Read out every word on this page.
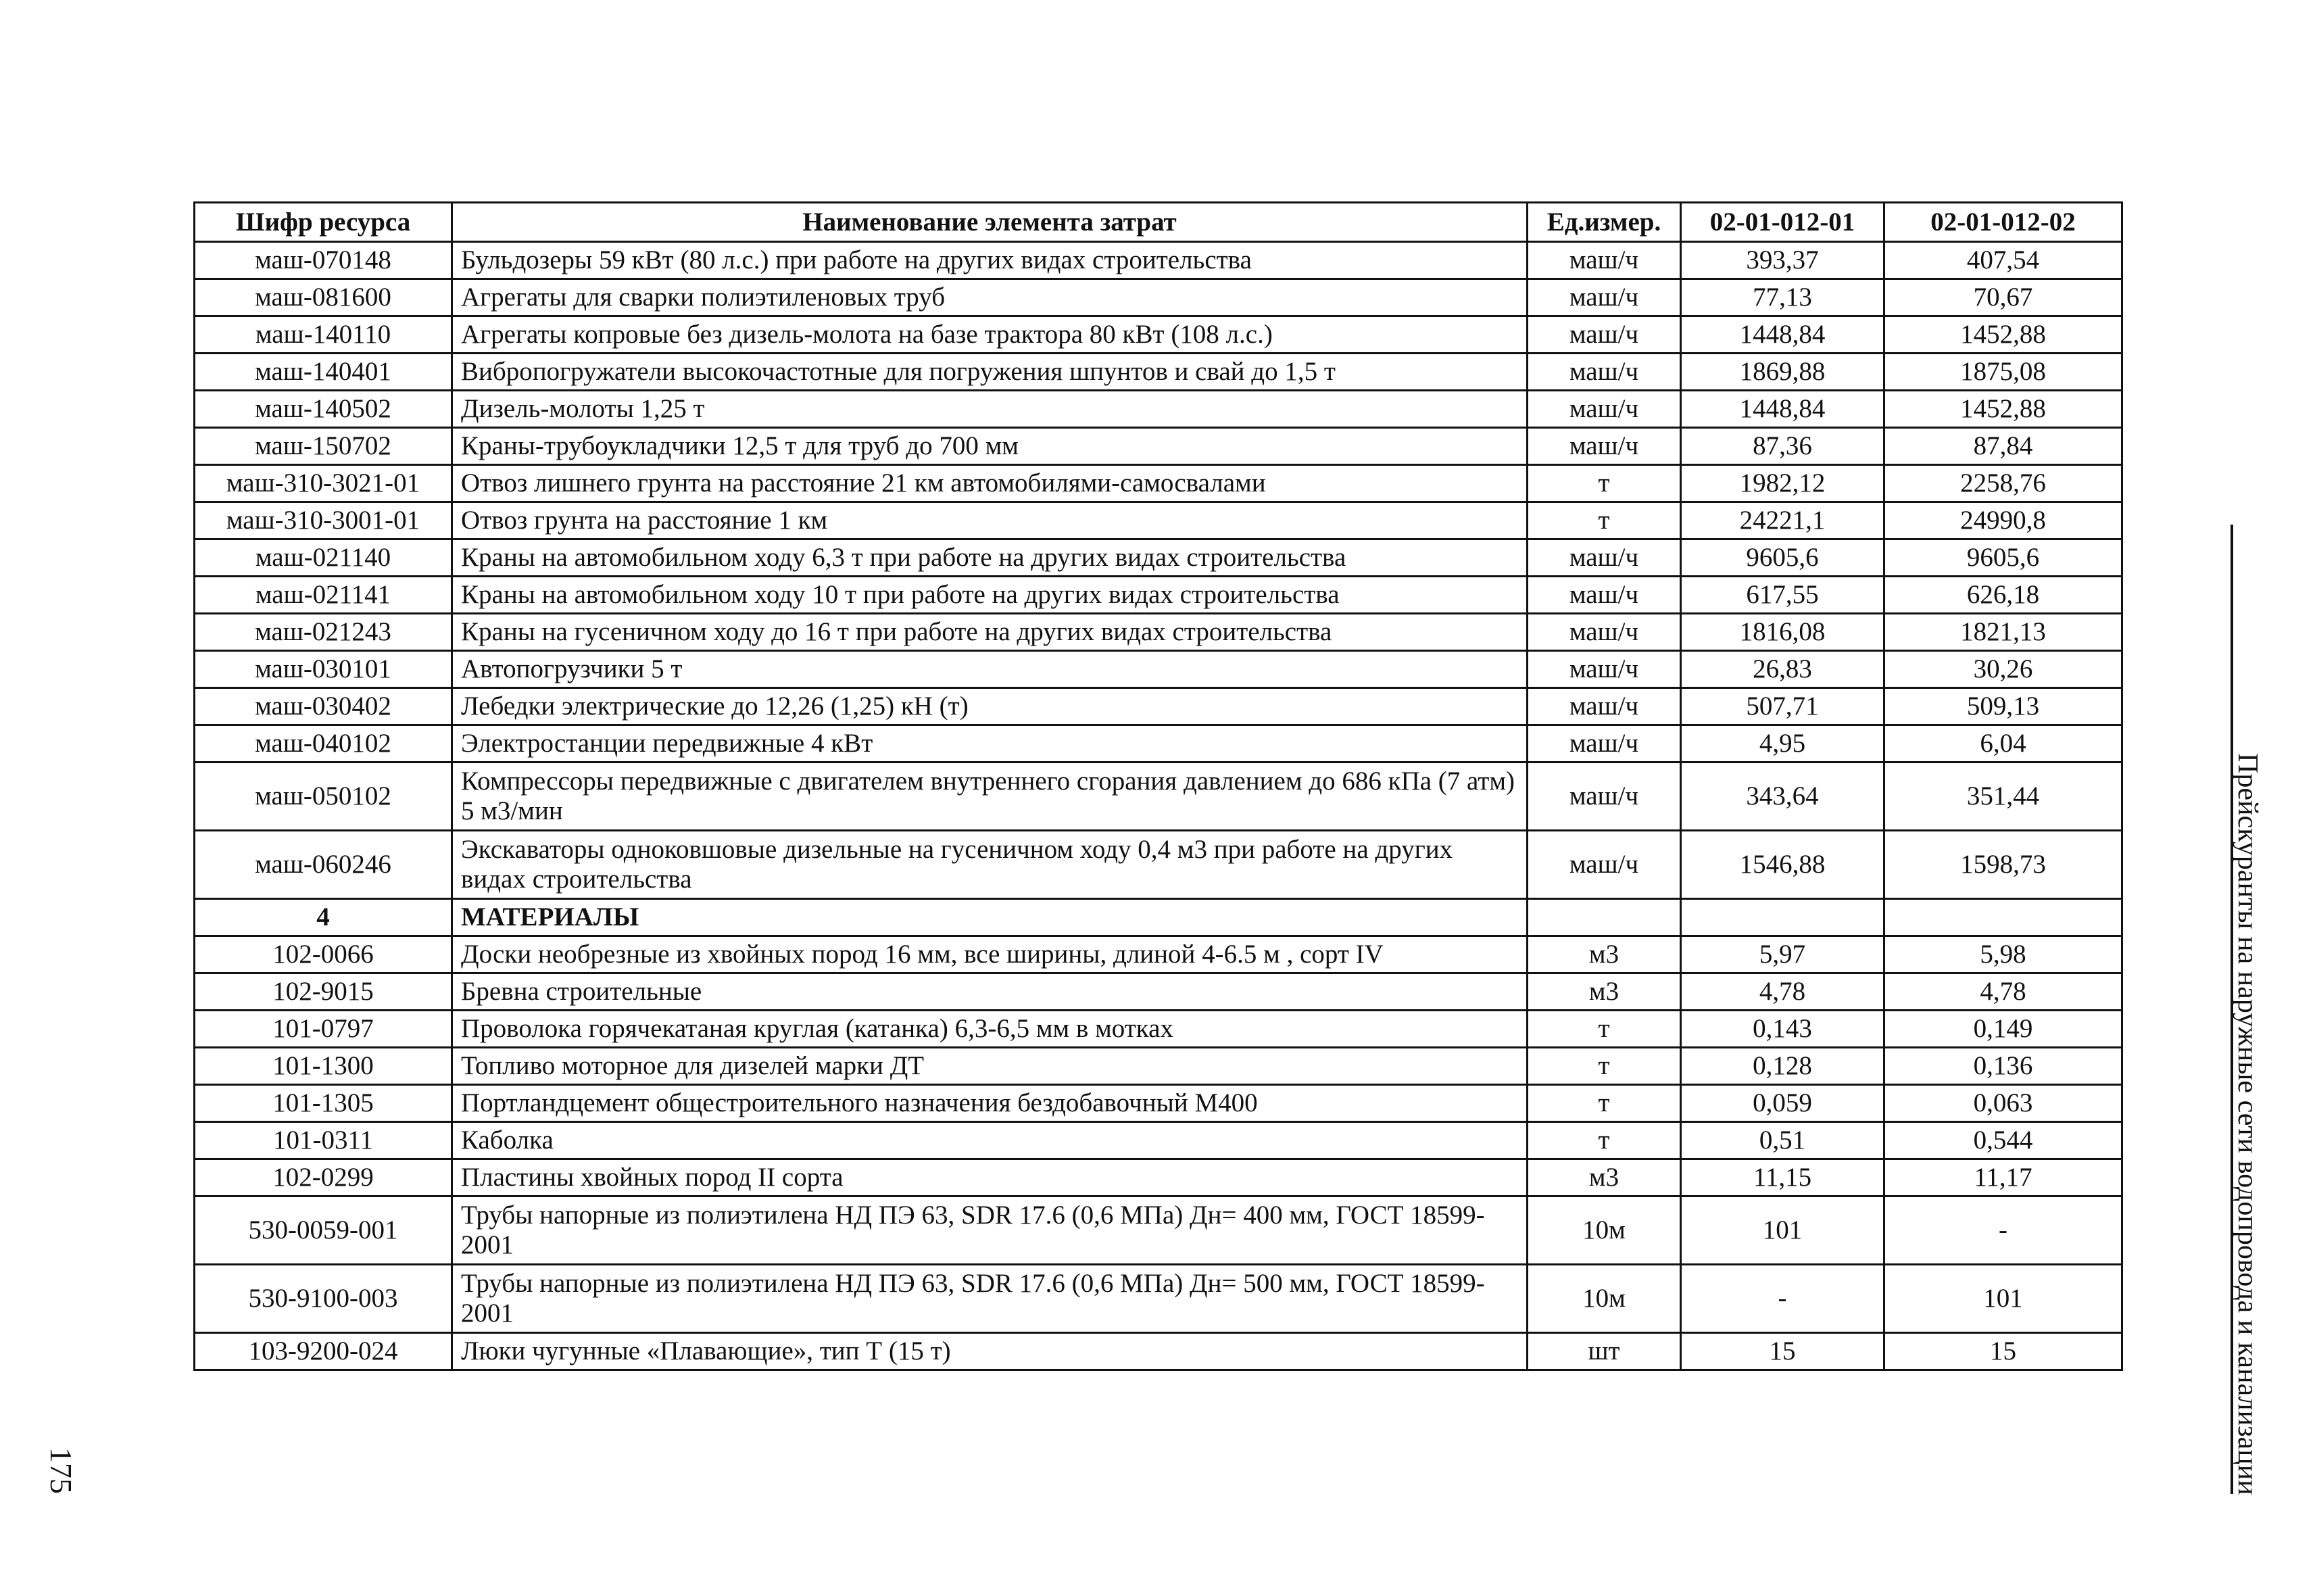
Шифр ресурса	Наименование элемента затрат	Ед.измер.	02-01-012-01	02-01-012-02
маш-070148	Бульдозеры 59 кВт (80 л.с.) при работе на других видах строительства	маш/ч	393,37	407,54
маш-081600	Агрегаты для сварки полиэтиленовых труб	маш/ч	77,13	70,67
маш-140110	Агрегаты копровые без дизель-молота на базе трактора 80 кВт (108 л.с.)	маш/ч	1448,84	1452,88
маш-140401	Вибропогружатели высокочастотные для погружения шпунтов и свай до 1,5 т	маш/ч	1869,88	1875,08
маш-140502	Дизель-молоты 1,25 т	маш/ч	1448,84	1452,88
маш-150702	Краны-трубоукладчики 12,5 т для труб до 700 мм	маш/ч	87,36	87,84
маш-310-3021-01	Отвоз лишнего грунта на расстояние 21 км автомобилями-самосвалами	т	1982,12	2258,76
маш-310-3001-01	Отвоз грунта на расстояние 1 км	т	24221,1	24990,8
маш-021140	Краны на автомобильном ходу 6,3 т при работе на других видах строительства	маш/ч	9605,6	9605,6
маш-021141	Краны на автомобильном ходу 10 т при работе на других видах строительства	маш/ч	617,55	626,18
маш-021243	Краны на гусеничном ходу до 16 т при работе на других видах строительства	маш/ч	1816,08	1821,13
маш-030101	Автопогрузчики 5 т	маш/ч	26,83	30,26
маш-030402	Лебедки электрические до 12,26 (1,25) кН (т)	маш/ч	507,71	509,13
маш-040102	Электростанции передвижные 4 кВт	маш/ч	4,95	6,04
маш-050102	Компрессоры передвижные с двигателем внутреннего сгорания давлением до 686 кПа (7 атм) 5 м3/мин	маш/ч	343,64	351,44
маш-060246	Экскаваторы одноковшовые дизельные на гусеничном ходу 0,4 м3 при работе на других видах строительства	маш/ч	1546,88	1598,73
4	МАТЕРИАЛЫ			
102-0066	Доски необрезные из хвойных пород 16 мм, все ширины, длиной 4-6.5 м , сорт IV	м3	5,97	5,98
102-9015	Бревна строительные	м3	4,78	4,78
101-0797	Проволока горячекатаная круглая (катанка) 6,3-6,5 мм в мотках	т	0,143	0,149
101-1300	Топливо моторное для дизелей марки ДТ	т	0,128	0,136
101-1305	Портландцемент общестроительного назначения бездобавочный М400	т	0,059	0,063
101-0311	Каболка	т	0,51	0,544
102-0299	Пластины хвойных пород II сорта	м3	11,15	11,17
530-0059-001	Трубы напорные из полиэтилена НД ПЭ 63, SDR 17.6 (0,6 МПа) Дн= 400 мм, ГОСТ 18599-2001	10м	101	-
530-9100-003	Трубы напорные из полиэтилена НД ПЭ 63, SDR 17.6 (0,6 МПа) Дн= 500 мм, ГОСТ 18599-2001	10м	-	101
103-9200-024	Люки чугунные «Плавающие», тип Т (15 т)	шт	15	15	Прейскуранты на наружные сети водопровода и канализации
175
